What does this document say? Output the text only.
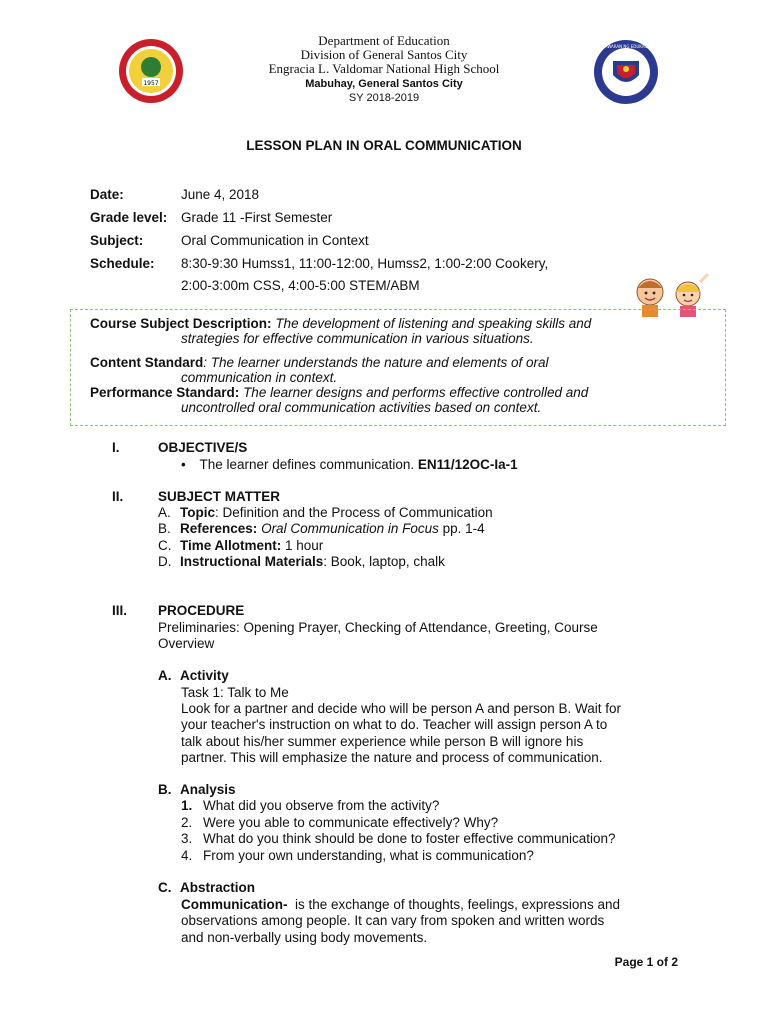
1957
KAGAWARAN NG EDUKASYON
Department of Education
Division of General Santos City
Engracia L. Valdomar National High School
Mabuhay, General Santos City
SY 2018-2019
LESSON PLAN IN ORAL COMMUNICATION
Date:	June 4, 2018
Grade level: Grade 11 -First Semester
Subject:	Oral Communication in Context
Schedule: 8:30-9:30 Humss1, 11:00-12:00, Humss2, 1:00-2:00 Cookery,
2:00-3:00m CSS, 4:00-5:00 STEM/ABM
Course Subject Description: The development of listening and speaking skills and
strategies for effective communication in various situations.
Content Standard: The learner understands the nature and elements of oral
communication in context.
Performance Standard: The learner designs and performs effective controlled and
uncontrolled oral communication activities based on context.
I.	OBJECTIVE/S
• The learner defines communication. EN11/12OC-Ia-1
II.	SUBJECT MATTER
A. Topic: Definition and the Process of Communication
B. References: Oral Communication in Focus pp. 1-4
C. Time Allotment: 1 hour
D. Instructional Materials: Book, laptop, chalk
III. PROCEDURE
Preliminaries: Opening Prayer, Checking of Attendance, Greeting, Course
Overview
A. Activity
Task 1: Talk to Me
Look for a partner and decide who will be person A and person B. Wait for
your teacher's instruction on what to do. Teacher will assign person A to
talk about his/her summer experience while person B will ignore his
partner. This will emphasize the nature and process of communication.
B. Analysis
1. What did you observe from the activity?
2. Were you able to communicate effectively? Why?
3. What do you think should be done to foster effective communication?
4. From your own understanding, what is communication?
C. Abstraction
Communication-  is the exchange of thoughts, feelings, expressions and
observations among people. It can vary from spoken and written words
and non-verbally using body movements.
Page 1 of 2
